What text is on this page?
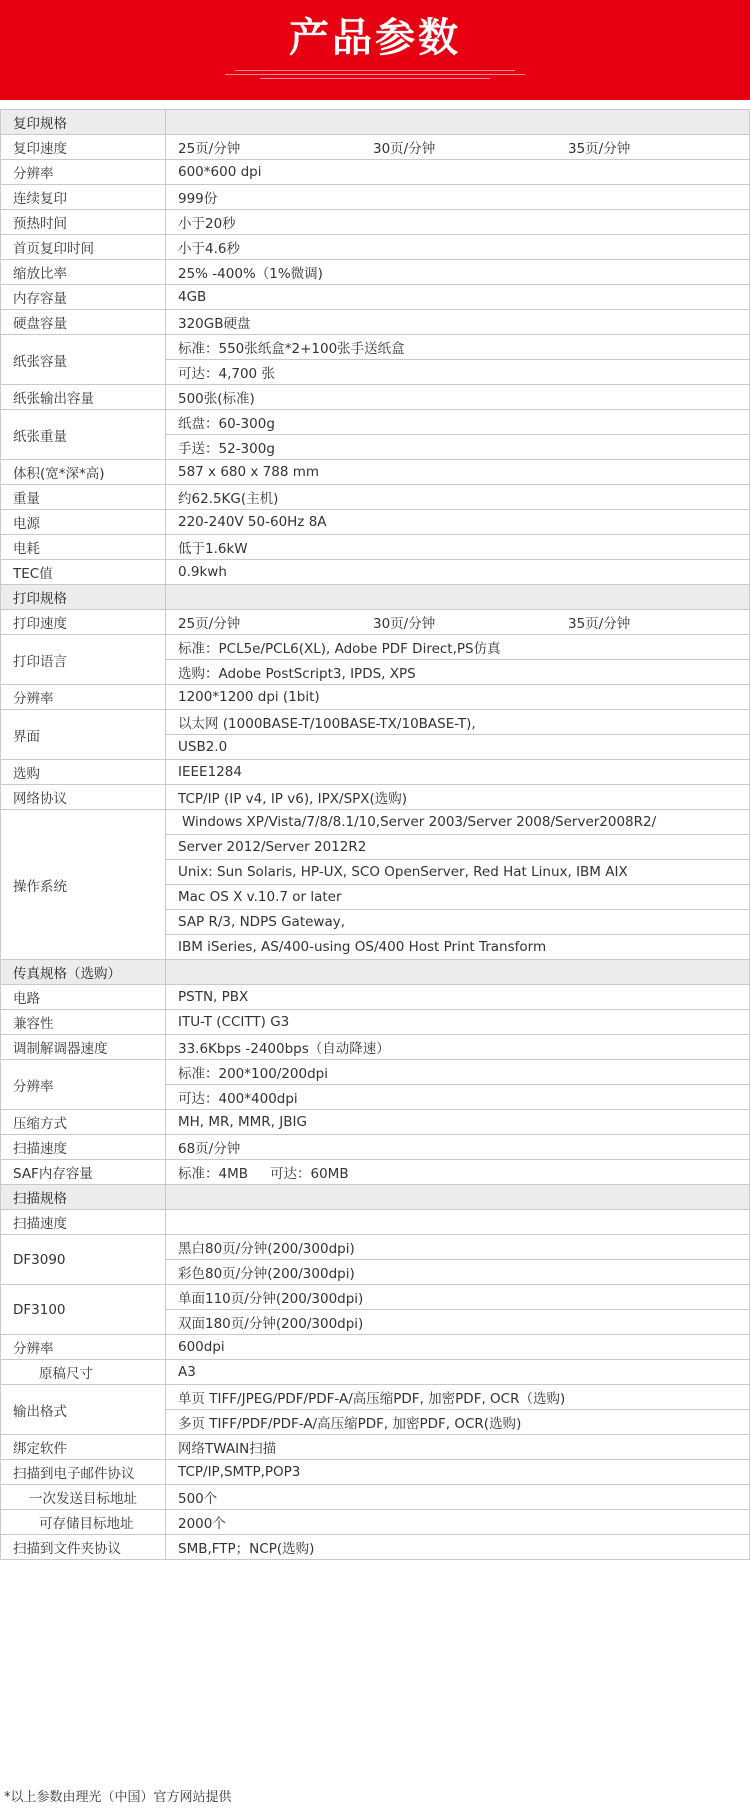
产品参数
复印规格	
复印速度	25页/分钟 30页/分钟 35页/分钟

分辨率	600*600 dpi
连续复印	999份
预热时间	小于20秒
首页复印时间	小于4.6秒
缩放比率	25% -400%（1%微调)
内存容量	4GB
硬盘容量	320GB硬盘
纸张容量	标准：550张纸盒*2+100张手送纸盒
	可达：4,700 张
纸张输出容量	500张(标准)
纸张重量	纸盘：60-300g
	手送：52-300g
体积(宽*深*高)	587 x 680 x 788 mm
重量	约62.5KG(主机)
电源	220-240V 50-60Hz 8A
电耗	低于1.6kW
TEC值	0.9kwh
打印规格	
打印速度	25页/分钟 30页/分钟 35页/分钟

打印语言	标准：PCL5e/PCL6(XL), Adobe PDF Direct,PS仿真
	选购：Adobe PostScript3, IPDS, XPS
分辨率	1200*1200 dpi (1bit)
界面	以太网 (1000BASE-T/100BASE-TX/10BASE-T),
	USB2.0
选购	IEEE1284
网络协议	TCP/IP (IP v4, IP v6), IPX/SPX(选购)
操作系统	Windows XP/Vista/7/8/8.1/10,Server 2003/Server 2008/Server2008R2/
	Server 2012/Server 2012R2
	Unix: Sun Solaris, HP-UX, SCO OpenServer, Red Hat Linux, IBM AIX
	Mac OS X v.10.7 or later
	SAP R/3, NDPS Gateway,
	IBM iSeries, AS/400-using OS/400 Host Print Transform
传真规格（选购）	
电路	PSTN, PBX
兼容性	ITU-T (CCITT) G3
调制解调器速度	33.6Kbps -2400bps（自动降速）
分辨率	标准：200*100/200dpi
	可达：400*400dpi
压缩方式	MH, MR, MMR, JBIG
扫描速度	68页/分钟
SAF内存容量	标准：4MB 可达：60MB

扫描规格	
扫描速度	
DF3090	黑白80页/分钟(200/300dpi)
	彩色80页/分钟(200/300dpi)
DF3100	单面110页/分钟(200/300dpi)
	双面180页/分钟(200/300dpi)
分辨率	600dpi
原稿尺寸	A3
输出格式	单页 TIFF/JPEG/PDF/PDF-A/高压缩PDF, 加密PDF, OCR（选购)
	多页 TIFF/PDF/PDF-A/高压缩PDF, 加密PDF, OCR(选购)
绑定软件	网络TWAIN扫描
扫描到电子邮件协议	TCP/IP,SMTP,POP3
一次发送目标地址	500个
可存储目标地址	2000个
扫描到文件夹协议	SMB,FTP；NCP(选购)
*以上参数由理光（中国）官方网站提供
